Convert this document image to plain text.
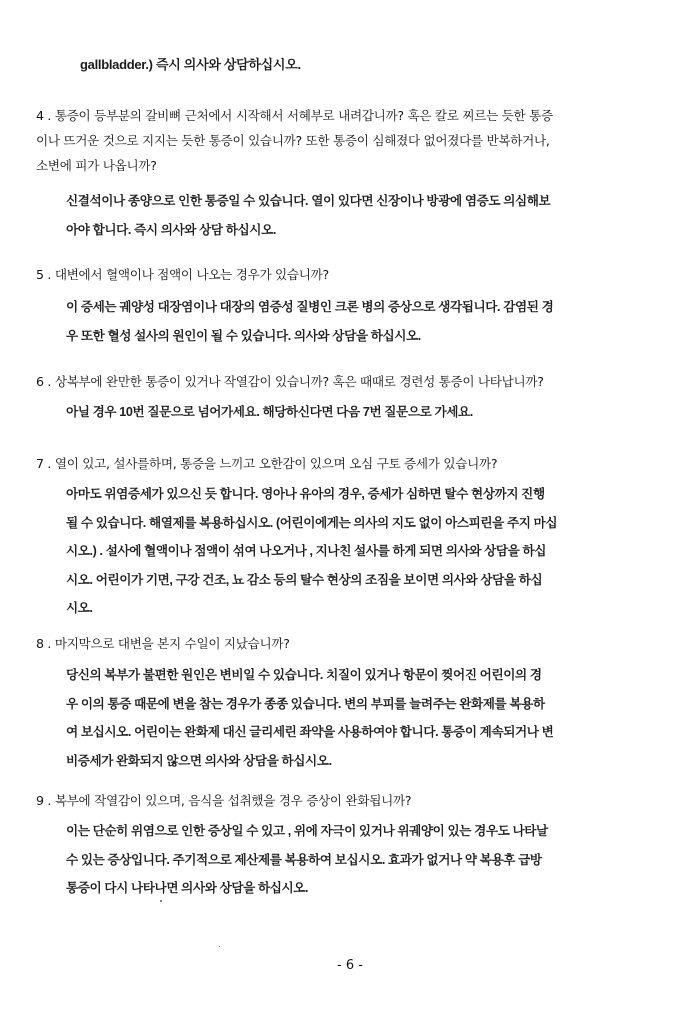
gallbladder.) 즉시 의사와 상담하십시오.
4 . 통증이 등부분의 갈비뼈 근처에서 시작해서 서혜부로 내려갑니까? 혹은 칼로 찌르는 듯한 통증
이나 뜨거운 것으로 지지는 듯한 통증이 있습니까? 또한 통증이 심해졌다 없어졌다를 반복하거나,
소변에 피가 나옵니까?
신결석이나 종양으로 인한 통증일 수 있습니다. 열이 있다면 신장이나 방광에 염증도 의심해보
아야 합니다. 즉시 의사와 상담 하십시오.
5 . 대변에서 혈액이나 점액이 나오는 경우가 있습니까?
이 증세는 궤양성 대장염이나 대장의 염증성 질병인 크론 병의 증상으로 생각됩니다. 감염된 경
우 또한 혈성 설사의 원인이 될 수 있습니다. 의사와 상담을 하십시오.
6 . 상복부에 완만한 통증이 있거나 작열감이 있습니까? 혹은 때때로 경련성 통증이 나타납니까?
아닐 경우 10번 질문으로 넘어가세요. 해당하신다면 다음 7번 질문으로 가세요.
7 . 열이 있고, 설사를하며, 통증을 느끼고 오한감이 있으며 오심 구토 증세가 있습니까?
아마도 위염증세가 있으신 듯 합니다. 영아나 유아의 경우, 증세가 심하면 탈수 현상까지 진행
될 수 있습니다. 해열제를 복용하십시오. (어린이에게는 의사의 지도 없이 아스피린을 주지 마십
시오.) . 설사에 혈액이나 점액이 섞여 나오거나 , 지나친 설사를 하게 되면 의사와 상담을 하십
시오. 어린이가 기면, 구강 건조, 뇨 감소 등의 탈수 현상의 조짐을 보이면 의사와 상담을 하십
시오.
8 . 마지막으로 대변을 본지 수일이 지났습니까?
당신의 복부가 불편한 원인은 변비일 수 있습니다. 치질이 있거나 항문이 찢어진 어린이의 경
우 이의 통증 때문에 변을 참는 경우가 종종 있습니다. 변의 부피를 늘려주는 완화제를 복용하
여 보십시오. 어린이는 완화제 대신 글리세린 좌약을 사용하여야 합니다. 통증이 계속되거나 변
비증세가 완화되지 않으면 의사와 상담을 하십시오.
9 . 복부에 작열감이 있으며, 음식을 섭취했을 경우 증상이 완화됩니까?
이는 단순히 위염으로 인한 증상일 수 있고 , 위에 자극이 있거나 위궤양이 있는 경우도 나타날
수 있는 증상입니다. 주기적으로 제산제를 복용하여 보십시오. 효과가 없거나 약 복용후 급방
통증이 다시 나타나면 의사와 상담을 하십시오.
- 6 -
